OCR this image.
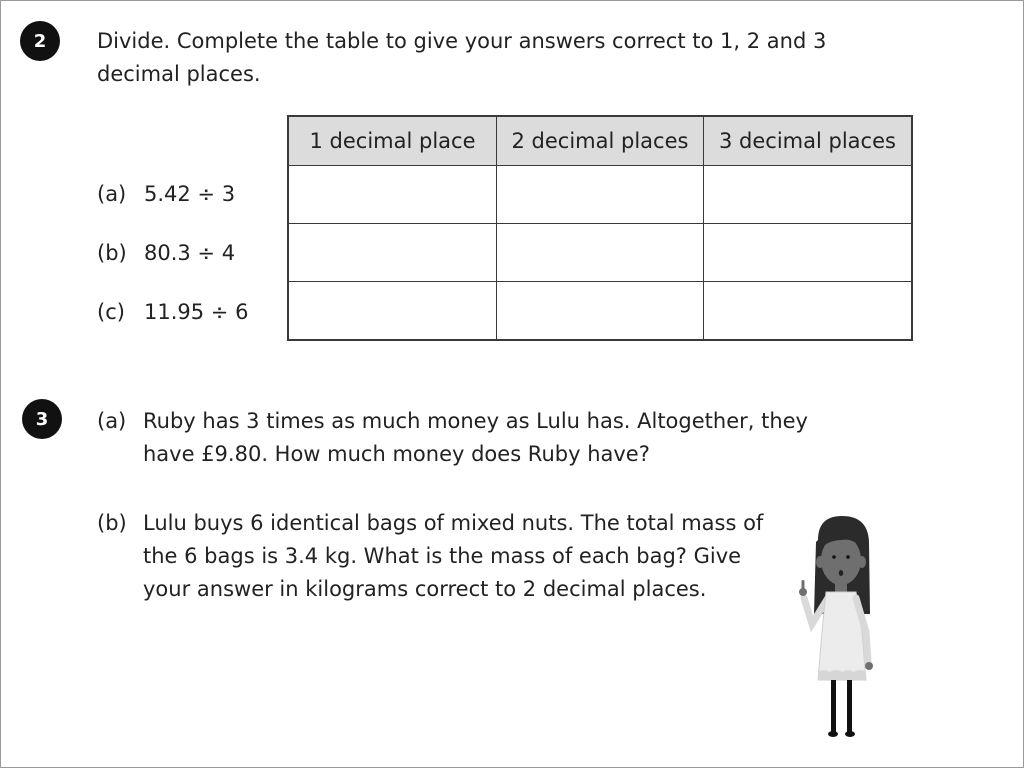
2	Divide. Complete the table to give your answers correct to 1, 2 and 3 decimal places.
1 decimal place	2 decimal places	3 decimal places

(a) 5.42 ÷ 3
(b) 80.3 ÷ 4
(c) 11.95 ÷ 6
3	(a) Ruby has 3 times as much money as Lulu has. Altogether, they have £9.80. How much money does Ruby have?
(b) Lulu buys 6 identical bags of mixed nuts. The total mass of the 6 bags is 3.4 kg. What is the mass of each bag? Give your answer in kilograms correct to 2 decimal places.
